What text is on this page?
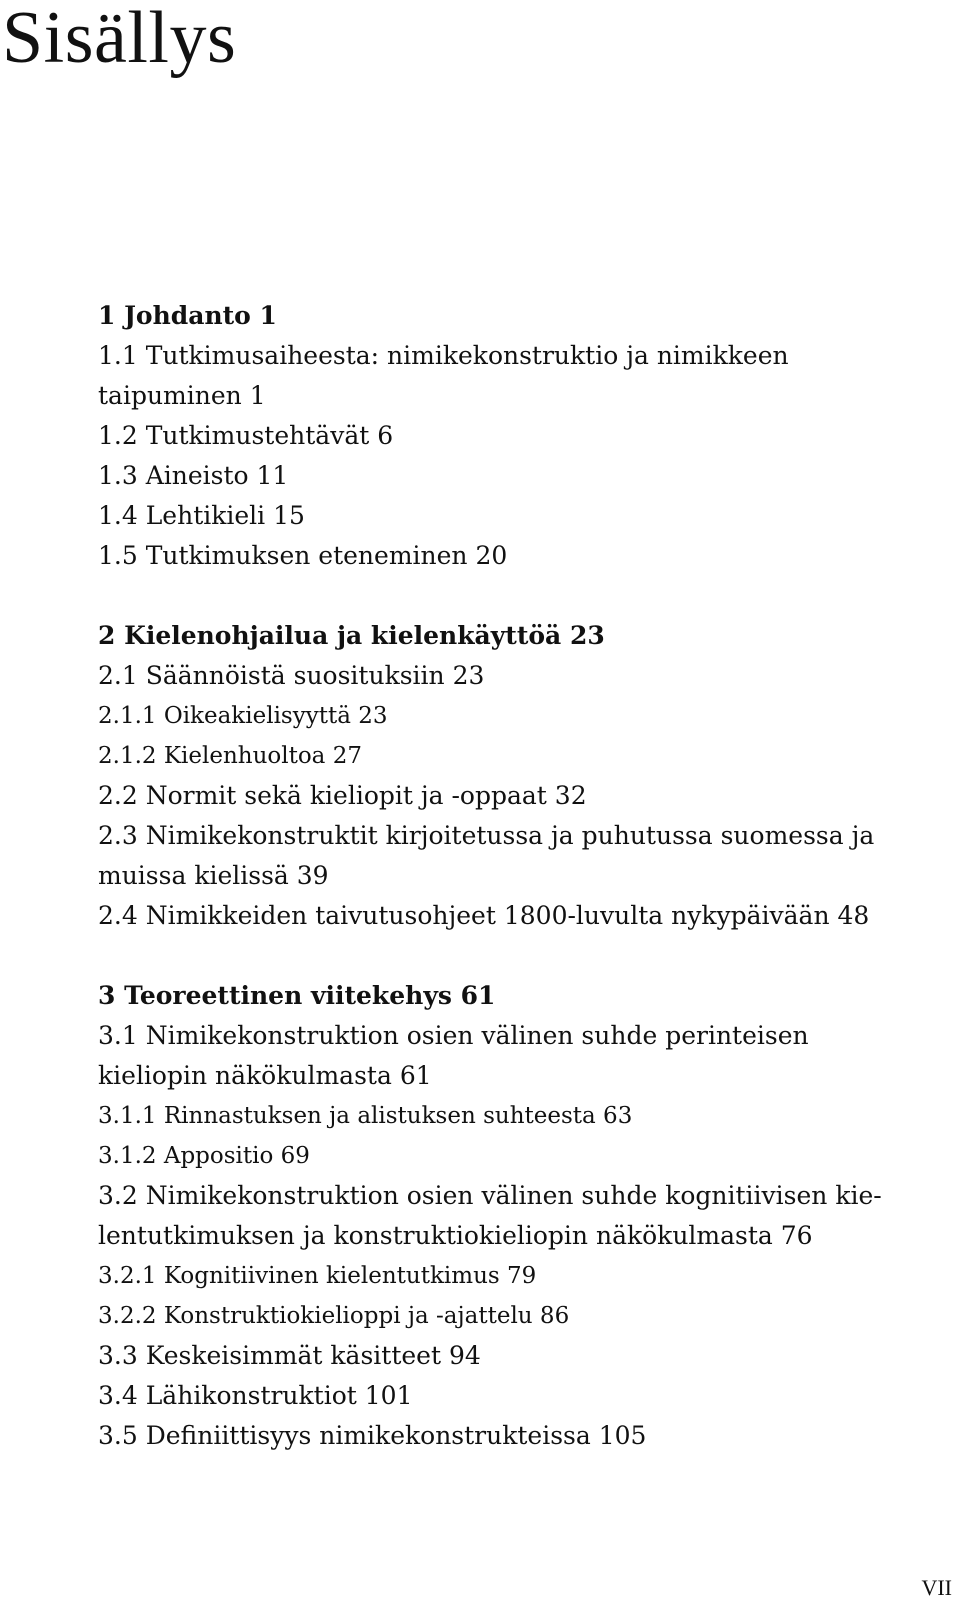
Sisällys
1 Johdanto 1
1.1 Tutkimusaiheesta: nimikekonstruktio ja nimikkeen
taipuminen 1
1.2 Tutkimustehtävät 6
1.3 Aineisto 11
1.4 Lehtikieli 15
1.5 Tutkimuksen eteneminen 20
2 Kielenohjailua ja kielenkäyttöä 23
2.1 Säännöistä suosituksiin 23
2.1.1 Oikeakielisyyttä 23
2.1.2 Kielenhuoltoa 27
2.2 Normit sekä kieliopit ja -oppaat 32
2.3 Nimikekonstruktit kirjoitetussa ja puhutussa suomessa ja
muissa kielissä 39
2.4 Nimikkeiden taivutusohjeet 1800-luvulta nykypäivään 48
3 Teoreettinen viitekehys 61
3.1 Nimikekonstruktion osien välinen suhde perinteisen
kieliopin näkökulmasta 61
3.1.1 Rinnastuksen ja alistuksen suhteesta 63
3.1.2 Appositio 69
3.2 Nimikekonstruktion osien välinen suhde kognitiivisen kie-
lentutkimuksen ja konstruktiokieliopin näkökulmasta 76
3.2.1 Kognitiivinen kielentutkimus 79
3.2.2 Konstruktiokielioppi ja -ajattelu 86
3.3 Keskeisimmät käsitteet 94
3.4 Lähikonstruktiot 101
3.5 Definiittisyys nimikekonstrukteissa 105
VII
